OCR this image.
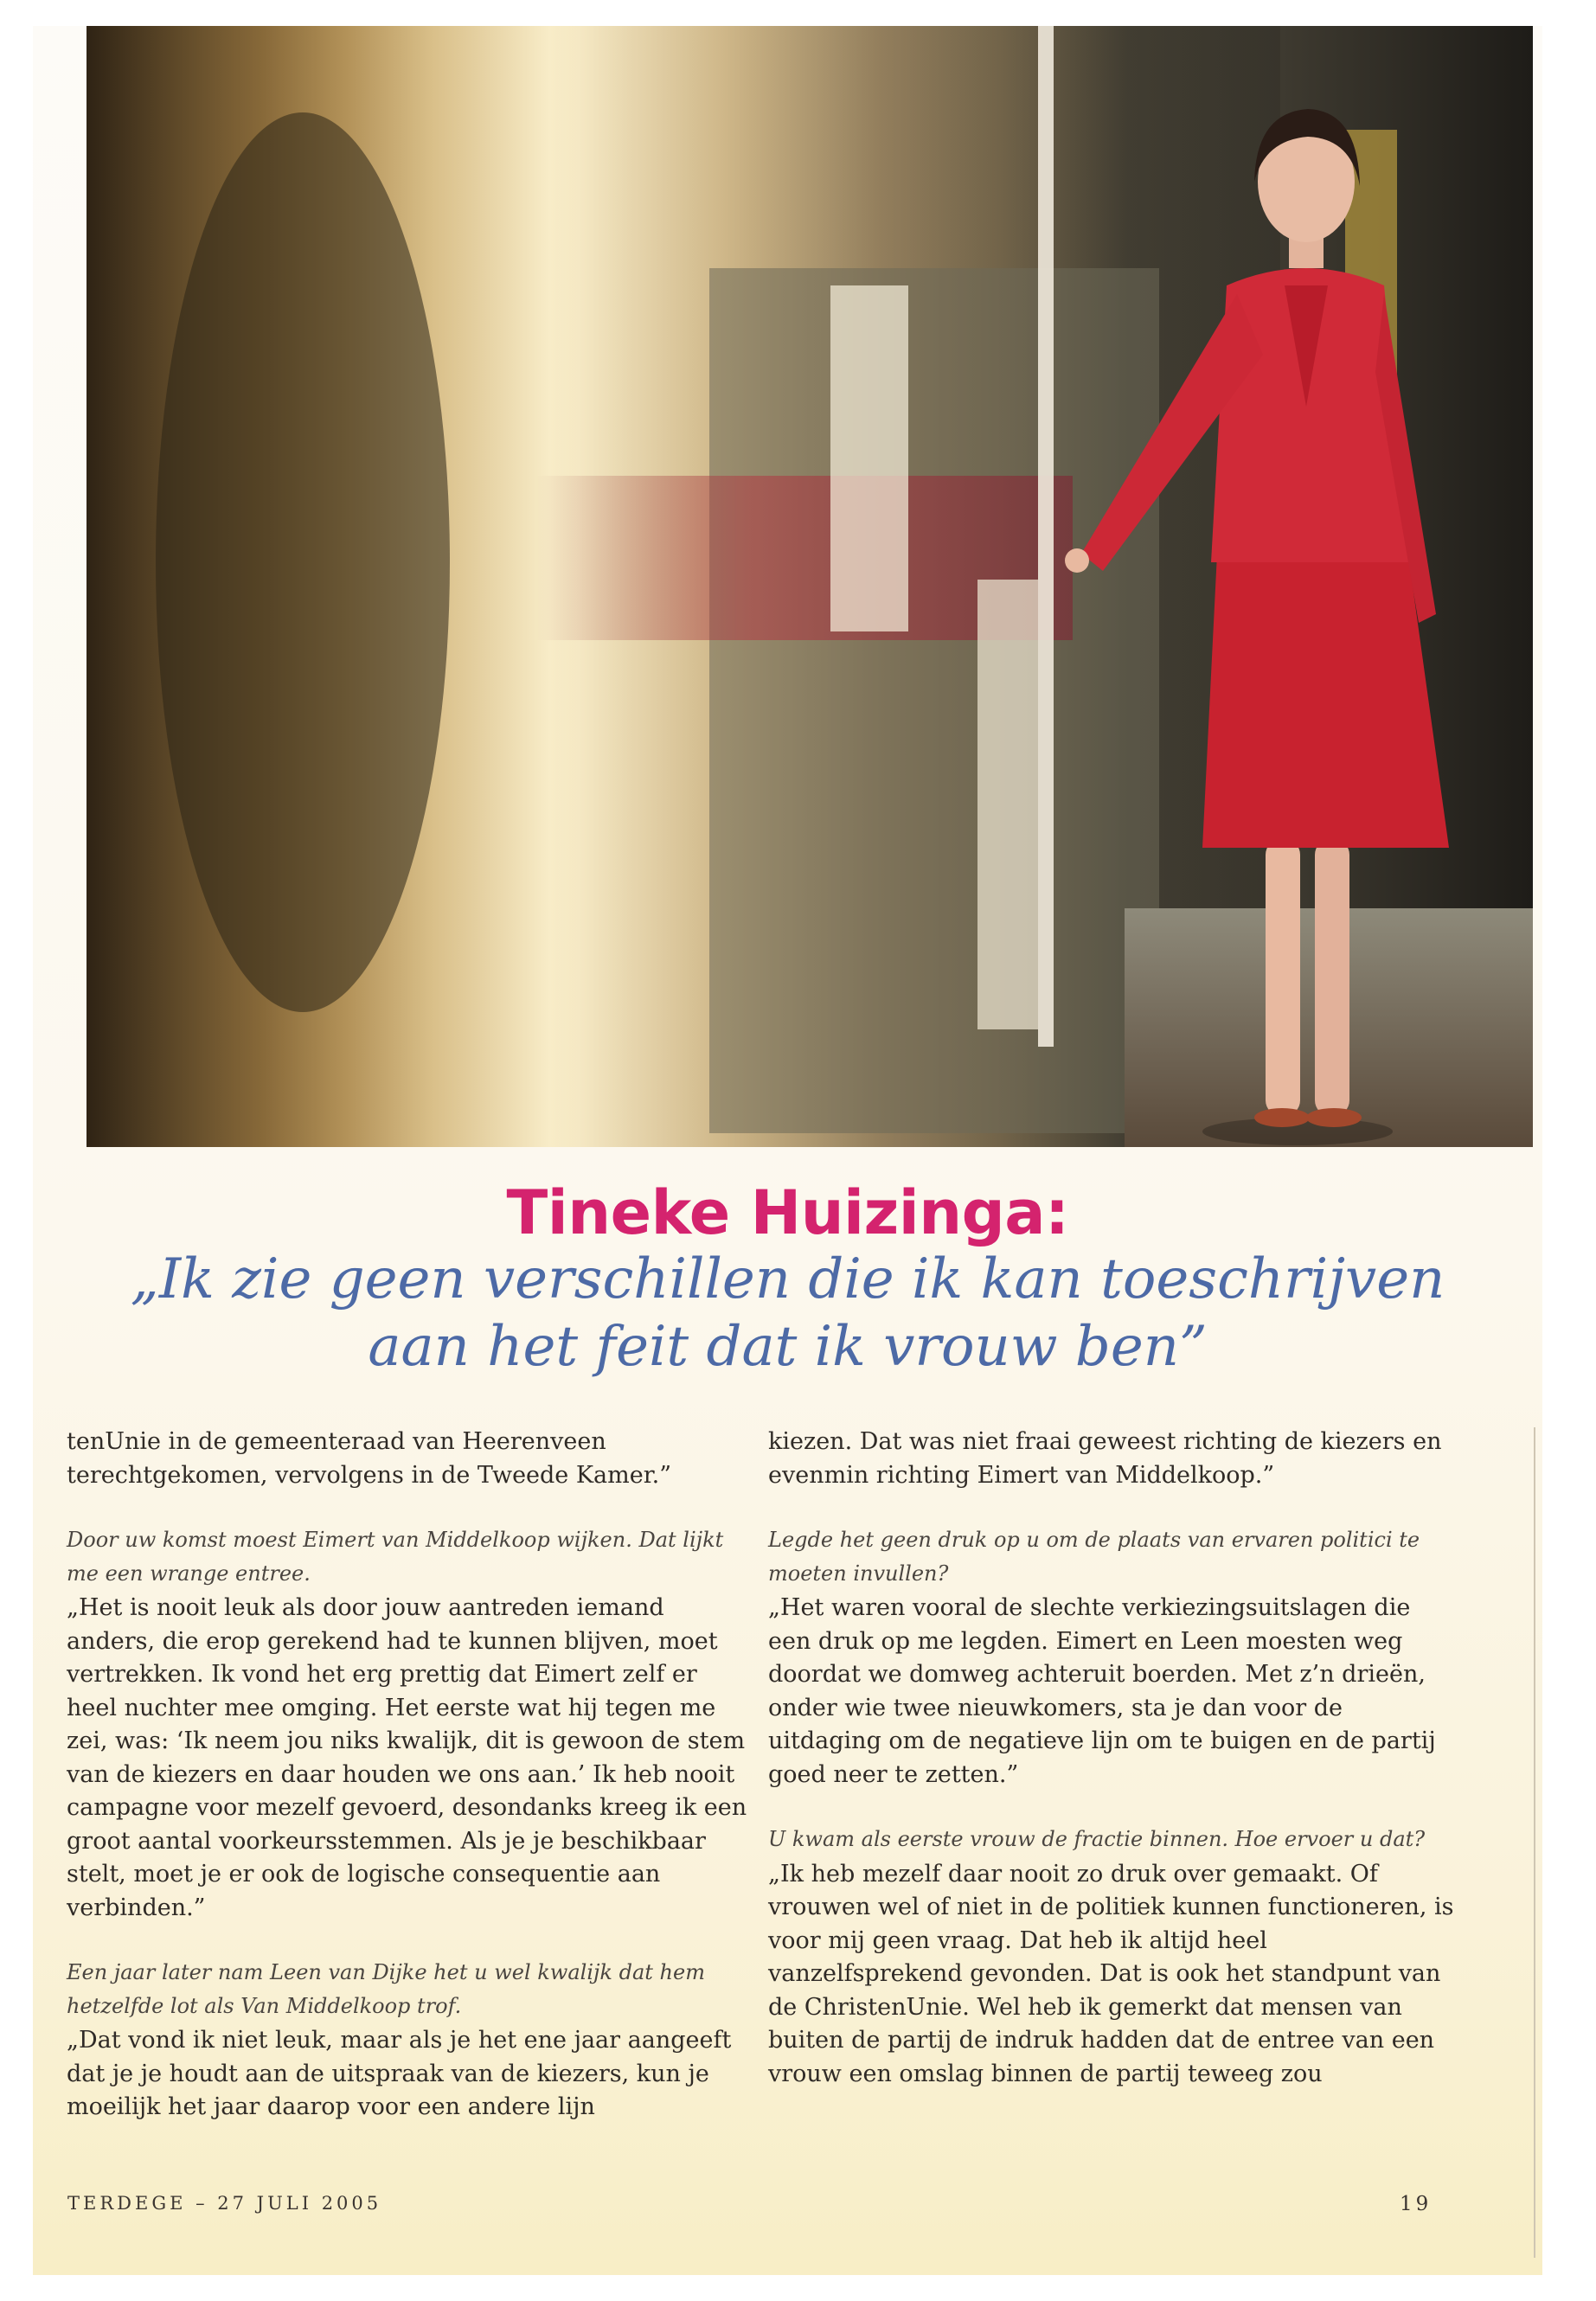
Tineke Huizinga:
„Ik zie geen verschillen die ik kan toeschrijven
aan het feit dat ik vrouw ben”

tenUnie in de gemeenteraad van Heerenveen terechtgekomen, vervolgens in de Tweede Kamer.”

Door uw komst moest Eimert van Middelkoop wijken. Dat lijkt me een wrange entree.

„Het is nooit leuk als door jouw aantreden iemand anders, die erop gerekend had te kunnen blijven, moet vertrekken. Ik vond het erg prettig dat Eimert zelf er heel nuchter mee omging. Het eerste wat hij tegen me zei, was: ‘Ik neem jou niks kwalijk, dit is gewoon de stem van de kiezers en daar houden we ons aan.’ Ik heb nooit campagne voor mezelf gevoerd, desondanks kreeg ik een groot aantal voorkeursstemmen. Als je je beschikbaar stelt, moet je er ook de logische consequentie aan verbinden.”

Een jaar later nam Leen van Dijke het u wel kwalijk dat hem hetzelfde lot als Van Middelkoop trof.

„Dat vond ik niet leuk, maar als je het ene jaar aangeeft dat je je houdt aan de uitspraak van de kiezers, kun je moeilijk het jaar daarop voor een andere lijn

kiezen. Dat was niet fraai geweest richting de kiezers en evenmin richting Eimert van Middelkoop.”

Legde het geen druk op u om de plaats van ervaren politici te moeten invullen?

„Het waren vooral de slechte verkiezingsuitslagen die een druk op me legden. Eimert en Leen moesten weg doordat we domweg achteruit boerden. Met z’n drieën, onder wie twee nieuwkomers, sta je dan voor de uitdaging om de negatieve lijn om te buigen en de partij goed neer te zetten.”

U kwam als eerste vrouw de fractie binnen. Hoe ervoer u dat?

„Ik heb mezelf daar nooit zo druk over gemaakt. Of vrouwen wel of niet in de politiek kunnen functioneren, is voor mij geen vraag. Dat heb ik altijd heel vanzelfsprekend gevonden. Dat is ook het standpunt van de ChristenUnie. Wel heb ik gemerkt dat mensen van buiten de partij de indruk hadden dat de entree van een vrouw een omslag binnen de partij teweeg zou

TERDEGE – 27 JULI 2005	19
